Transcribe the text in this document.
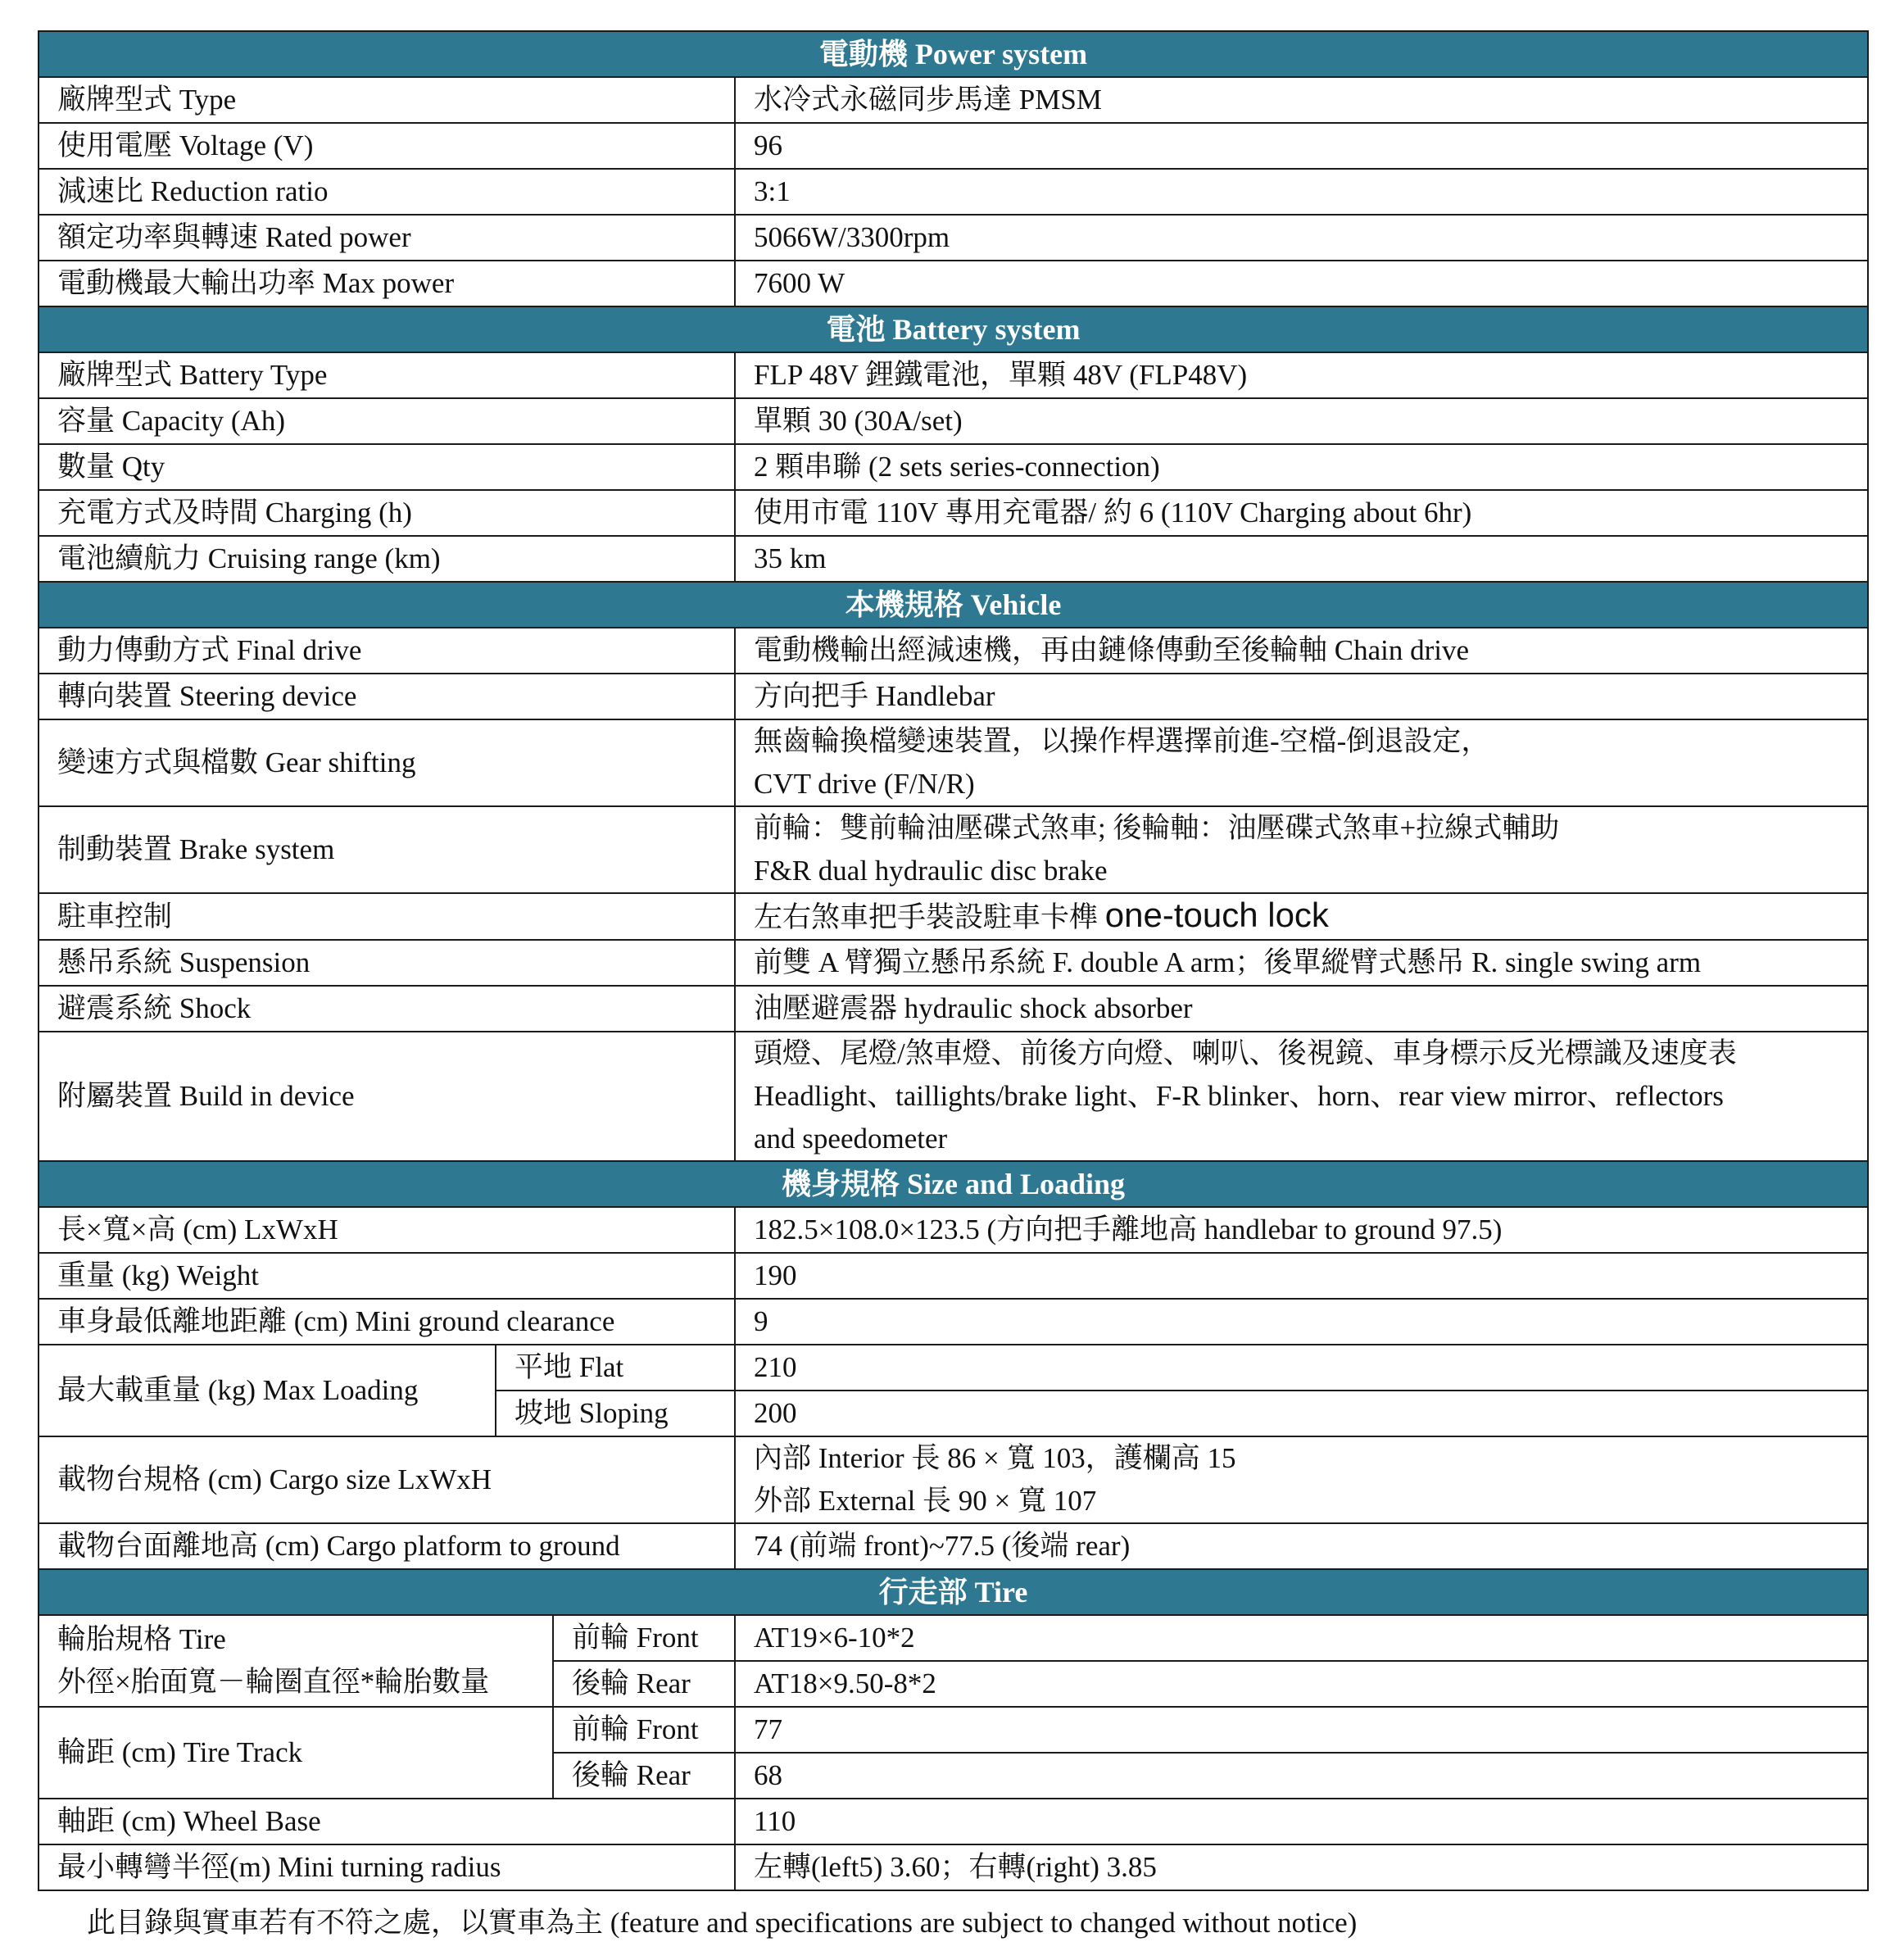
電動機 Power system			
廠牌型式 Type			水冷式永磁同步馬達 PMSM
使用電壓 Voltage (V)			96
減速比 Reduction ratio			3:1
額定功率與轉速 Rated power			5066W/3300rpm
電動機最大輸出功率 Max power			7600 W
電池 Battery system			
廠牌型式 Battery Type			FLP 48V 鋰鐵電池，單顆 48V (FLP48V)
容量 Capacity (Ah)			單顆 30 (30A/set)
數量 Qty			2 顆串聯 (2 sets series-connection)
充電方式及時間 Charging (h)			使用市電 110V 專用充電器/ 約 6 (110V Charging about 6hr)
電池續航力 Cruising range (km)			35 km
本機規格 Vehicle			
動力傳動方式 Final drive			電動機輸出經減速機，再由鏈條傳動至後輪軸 Chain drive
轉向裝置 Steering device			方向把手 Handlebar
變速方式與檔數 Gear shifting			無齒輪換檔變速裝置，以操作桿選擇前進-空檔-倒退設定，
CVT drive (F/N/R)

制動裝置 Brake system			前輪：雙前輪油壓碟式煞車; 後輪軸：油壓碟式煞車+拉線式輔助
F&R dual hydraulic disc brake

駐車控制			左右煞車把手裝設駐車卡榫 one-touch lock
懸吊系統 Suspension			前雙 A 臂獨立懸吊系統 F. double A arm；後單縱臂式懸吊 R. single swing arm
避震系統 Shock			油壓避震器 hydraulic shock absorber
附屬裝置 Build in device			頭燈、尾燈/煞車燈、前後方向燈、喇叭、後視鏡、車身標示反光標識及速度表
Headlight、taillights/brake light、F-R blinker、horn、rear view mirror、reflectors
and speedometer

機身規格 Size and Loading			
長×寬×高 (cm) LxWxH			182.5×108.0×123.5 (方向把手離地高 handlebar to ground 97.5)
重量 (kg) Weight			190
車身最低離地距離 (cm) Mini ground clearance			9
最大載重量 (kg) Max Loading	平地 Flat		210
	坡地 Sloping		200
載物台規格 (cm) Cargo size LxWxH			內部 Interior 長 86 × 寬 103，護欄高 15
外部 External 長 90 × 寬 107

載物台面離地高 (cm) Cargo platform to ground			74 (前端 front)~77.5 (後端 rear)
行走部 Tire			

輪胎規格 Tire
外徑×胎面寬－輪圈直徑*輪胎數量		前輪 Front	AT19×6-10*2
		後輪 Rear	AT18×9.50-8*2
輪距 (cm) Tire Track		前輪 Front	77
		後輪 Rear	68
軸距 (cm) Wheel Base			110
最小轉彎半徑(m) Mini turning radius			左轉(left5) 3.60；右轉(right) 3.85
此目錄與實車若有不符之處，以實車為主 (feature and specifications are subject to changed without notice)
